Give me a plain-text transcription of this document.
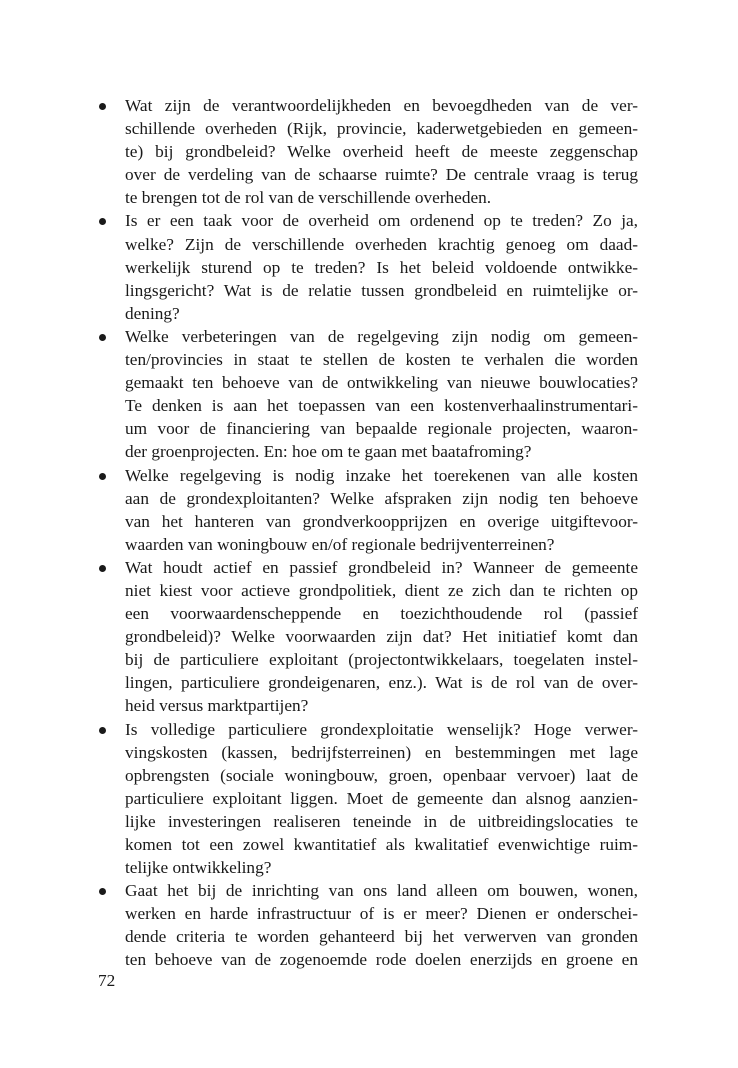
Wat zijn de verantwoordelijkheden en bevoegdheden van de ver-
schillende overheden (Rijk, provincie, kaderwetgebieden en gemeen-
te) bij grondbeleid? Welke overheid heeft de meeste zeggenschap
over de verdeling van de schaarse ruimte? De centrale vraag is terug
te brengen tot de rol van de verschillende overheden.
Is er een taak voor de overheid om ordenend op te treden? Zo ja,
welke? Zijn de verschillende overheden krachtig genoeg om daad-
werkelijk sturend op te treden? Is het beleid voldoende ontwikke-
lingsgericht? Wat is de relatie tussen grondbeleid en ruimtelijke or-
dening?
Welke verbeteringen van de regelgeving zijn nodig om gemeen-
ten/provincies in staat te stellen de kosten te verhalen die worden
gemaakt ten behoeve van de ontwikkeling van nieuwe bouwlocaties?
Te denken is aan het toepassen van een kostenverhaalinstrumentari-
um voor de financiering van bepaalde regionale projecten, waaron-
der groenprojecten. En: hoe om te gaan met baatafroming?
Welke regelgeving is nodig inzake het toerekenen van alle kosten
aan de grondexploitanten? Welke afspraken zijn nodig ten behoeve
van het hanteren van grondverkoopprijzen en overige uitgiftevoor-
waarden van woningbouw en/of regionale bedrijventerreinen?
Wat houdt actief en passief grondbeleid in? Wanneer de gemeente
niet kiest voor actieve grondpolitiek, dient ze zich dan te richten op
een voorwaardenscheppende en toezichthoudende rol (passief
grondbeleid)? Welke voorwaarden zijn dat? Het initiatief komt dan
bij de particuliere exploitant (projectontwikkelaars, toegelaten instel-
lingen, particuliere grondeigenaren, enz.). Wat is de rol van de over-
heid versus marktpartijen?
Is volledige particuliere grondexploitatie wenselijk? Hoge verwer-
vingskosten (kassen, bedrijfsterreinen) en bestemmingen met lage
opbrengsten (sociale woningbouw, groen, openbaar vervoer) laat de
particuliere exploitant liggen. Moet de gemeente dan alsnog aanzien-
lijke investeringen realiseren teneinde in de uitbreidingslocaties te
komen tot een zowel kwantitatief als kwalitatief evenwichtige ruim-
telijke ontwikkeling?
Gaat het bij de inrichting van ons land alleen om bouwen, wonen,
werken en harde infrastructuur of is er meer? Dienen er onderschei-
dende criteria te worden gehanteerd bij het verwerven van gronden
ten behoeve van de zogenoemde rode doelen enerzijds en groene en
72
